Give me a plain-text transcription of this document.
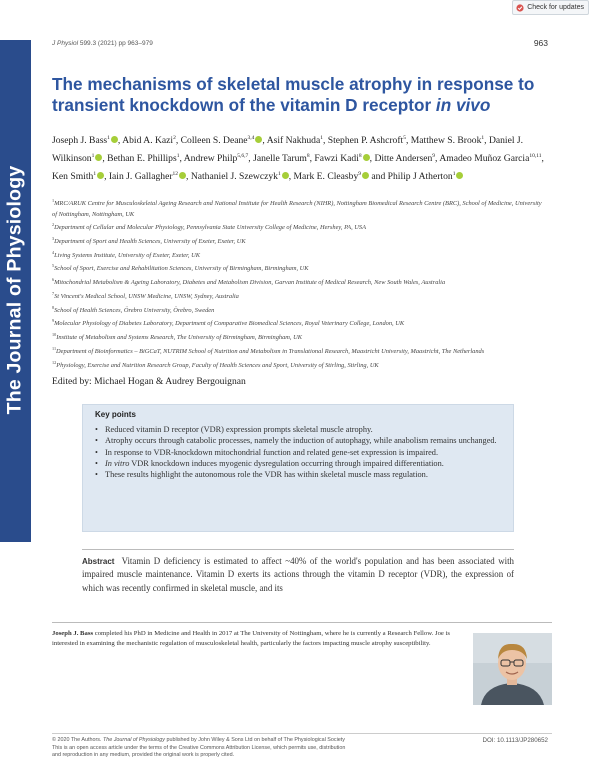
The Journal of Physiology
Check for updates
J Physiol 599.3 (2021) pp 963–979	963
The mechanisms of skeletal muscle atrophy in response to transient knockdown of the vitamin D receptor in vivo
Joseph J. Bass$^1$ , Abid A. Kazi$^2$, Colleen S. Deane$^{3,4}$ , Asif Nakhuda$^1$, Stephen P. Ashcroft$^5$, Matthew S. Brook$^1$, Daniel J. Wilkinson$^1$ , Bethan E. Phillips$^1$, Andrew Philp$^{5,6,7}$, Janelle Tarum$^8$, Fawzi Kadi$^8$ , Ditte Andersen$^9$, Amadeo Muñoz Garcia$^{10,11}$, Ken Smith$^1$ , Iain J. Gallagher$^{12}$ , Nathaniel J. Szewczyk$^1$ , Mark E. Cleasby$^9$ and Philip J Atherton$^1$
$^1$MRC/ARUK Centre for Musculoskeletal Ageing Research and National Institute for Health Research (NIHR), Nottingham Biomedical Research Centre (BRC), School of Medicine, University of Nottingham, Nottingham, UK
$^2$Department of Cellular and Molecular Physiology, Pennsylvania State University College of Medicine, Hershey, PA, USA
$^3$Department of Sport and Health Sciences, University of Exeter, Exeter, UK
$^4$Living Systems Institute, University of Exeter, Exeter, UK
$^5$School of Sport, Exercise and Rehabilitation Sciences, University of Birmingham, Birmingham, UK
$^6$Mitochondrial Metabolism & Ageing Laboratory, Diabetes and Metabolism Division, Garvan Institute of Medical Research, New South Wales, Australia
$^7$St Vincent's Medical School, UNSW Medicine, UNSW, Sydney, Australia
$^8$School of Health Sciences, Örebro University, Örebro, Sweden
$^9$Molecular Physiology of Diabetes Laboratory, Department of Comparative Biomedical Sciences, Royal Veterinary College, London, UK
$^{10}$Institute of Metabolism and Systems Research, The University of Birmingham, Birmingham, UK
$^{11}$Department of Bioinformatics – BiGCaT, NUTRIM School of Nutrition and Metabolism in Translational Research, Maastricht University, Maastricht, The Netherlands
$^{12}$Physiology, Exercise and Nutrition Research Group, Faculty of Health Sciences and Sport, University of Stirling, Stirling, UK
Edited by: Michael Hogan & Audrey Bergouignan
Key points
• Reduced vitamin D receptor (VDR) expression prompts skeletal muscle atrophy.
• Atrophy occurs through catabolic processes, namely the induction of autophagy, while anabolism remains unchanged.
• In response to VDR-knockdown mitochondrial function and related gene-set expression is impaired.
• In vitro VDR knockdown induces myogenic dysregulation occurring through impaired differentiation.
• These results highlight the autonomous role the VDR has within skeletal muscle mass regulation.
Abstract Vitamin D deficiency is estimated to affect ~40% of the world's population and has been associated with impaired muscle maintenance. Vitamin D exerts its actions through the vitamin D receptor (VDR), the expression of which was recently confirmed in skeletal muscle, and its
Joseph J. Bass completed his PhD in Medicine and Health in 2017 at The University of Nottingham, where he is currently a Research Fellow. Joe is interested in examining the mechanistic regulation of musculoskeletal health, particularly the factors impacting muscle atrophy susceptibility.
© 2020 The Authors. The Journal of Physiology published by John Wiley & Sons Ltd on behalf of The Physiological Society
This is an open access article under the terms of the Creative Commons Attribution License, which permits use, distribution
and reproduction in any medium, provided the original work is properly cited.
DOI: 10.1113/JP280652
